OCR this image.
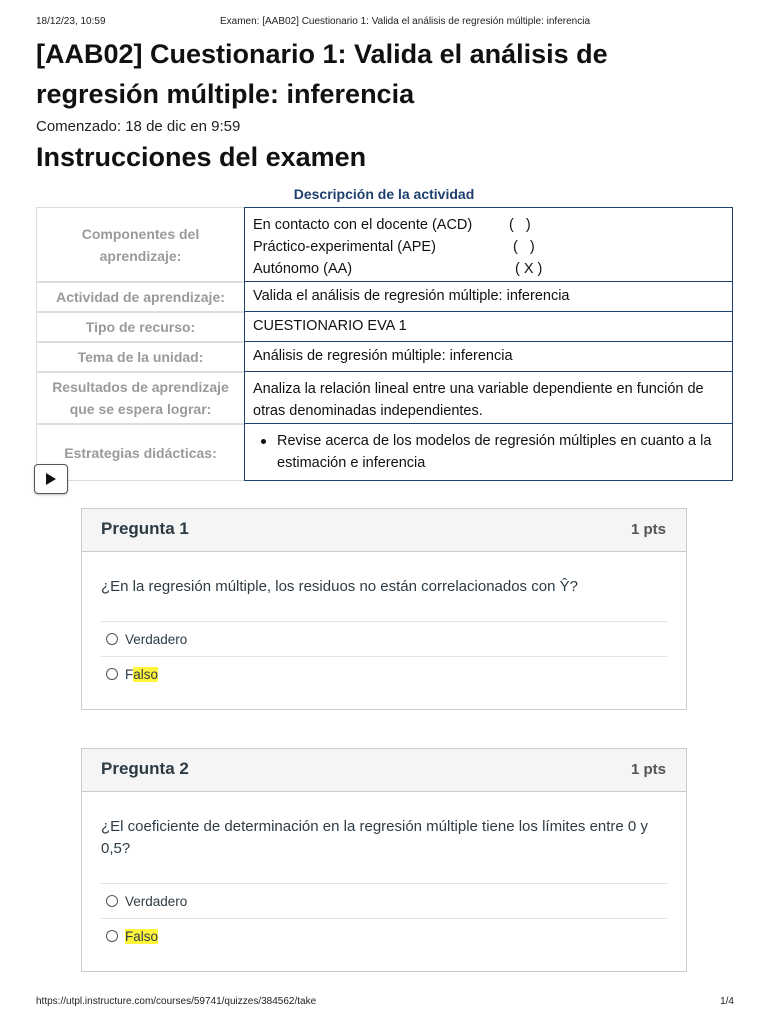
18/12/23, 10:59	Examen: [AAB02] Cuestionario 1: Valida el análisis de regresión múltiple: inferencia
[AAB02] Cuestionario 1: Valida el análisis de regresión múltiple: inferencia
Comenzado: 18 de dic en 9:59
Instrucciones del examen
Descripción de la actividad
Componentes del aprendizaje:
En contacto con el docente (ACD)	(   )
Práctico-experimental (APE)	(   )
Autónomo (AA)	( X )
Actividad de aprendizaje:	Valida el análisis de regresión múltiple: inferencia
Tipo de recurso:	CUESTIONARIO EVA 1
Tema de la unidad:	Análisis de regresión múltiple: inferencia
Resultados de aprendizaje que se espera lograr:
Analiza la relación lineal entre una variable dependiente en función de otras denominadas independientes.
Estrategias didácticas:
Revise acerca de los modelos de regresión múltiples en cuanto a la estimación e inferencia
Pregunta 1	1 pts
¿En la regresión múltiple, los residuos no están correlacionados con Ŷ?
Verdadero
Falso
Pregunta 2	1 pts
¿El coeficiente de determinación en la regresión múltiple tiene los límites entre 0 y 0,5?
Verdadero
Falso
https://utpl.instructure.com/courses/59741/quizzes/384562/take	1/4
